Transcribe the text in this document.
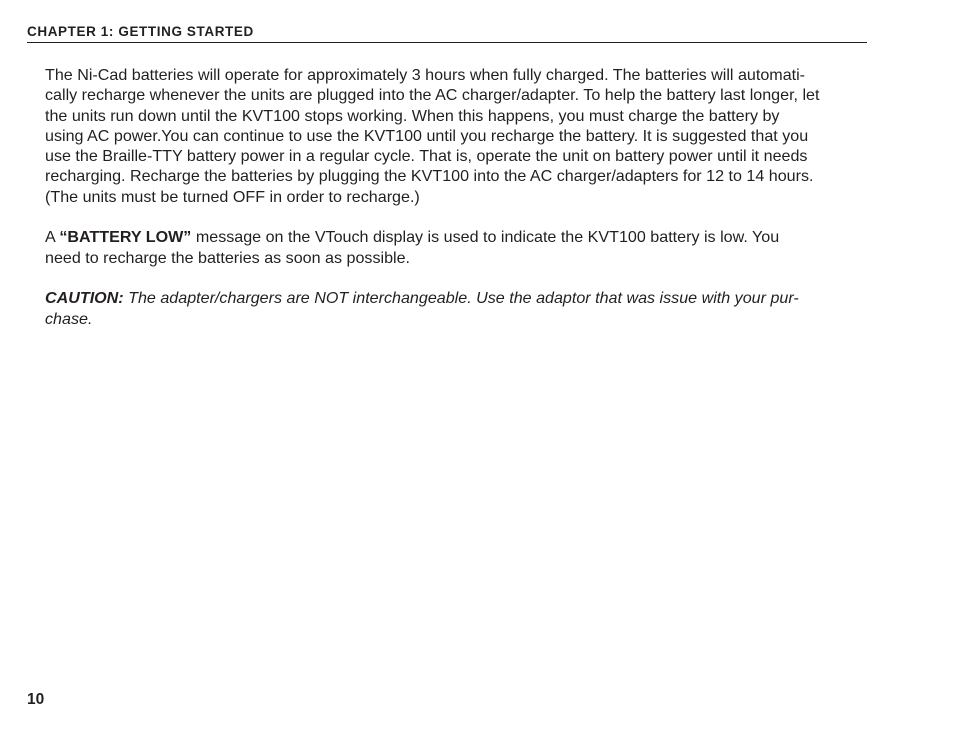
CHAPTER 1: GETTING STARTED

The Ni-Cad batteries will operate for approximately 3 hours when fully charged. The batteries will automati-

cally recharge whenever the units are plugged into the AC charger/adapter. To help the battery last longer, let

the units run down until the KVT100 stops working. When this happens, you must charge the battery by

using AC power.You can continue to use the KVT100 until you recharge the battery. It is suggested that you

use the Braille-TTY battery power in a regular cycle. That is, operate the unit on battery power until it needs

recharging. Recharge the batteries by plugging the KVT100 into the AC charger/adapters for 12 to 14 hours.

(The units must be turned OFF in order to recharge.)

A “BATTERY LOW” message on the VTouch display is used to indicate the KVT100 battery is low. You

need to recharge the batteries as soon as possible.

CAUTION: The adapter/chargers are NOT interchangeable. Use the adaptor that was issue with your pur-

chase.

10
